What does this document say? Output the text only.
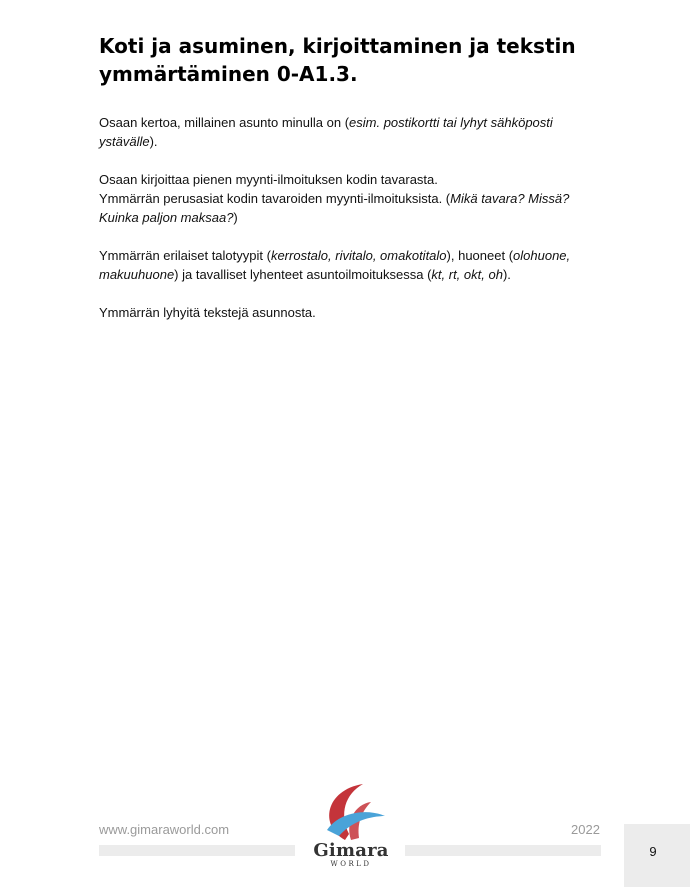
Koti ja asuminen, kirjoittaminen ja tekstin ymmärtäminen 0-A1.3.

Osaan kertoa, millainen asunto minulla on (esim. postikortti tai lyhyt sähköposti
ystävälle).

Osaan kirjoittaa pienen myynti-ilmoituksen kodin tavarasta.
Ymmärrän perusasiat kodin tavaroiden myynti-ilmoituksista. (Mikä tavara? Missä?
Kuinka paljon maksaa?)

Ymmärrän erilaiset talotyypit (kerrostalo, rivitalo, omakotitalo), huoneet (olohuone,
makuuhuone) ja tavalliset lyhenteet asuntoilmoituksessa (kt, rt, okt, oh).

Ymmärrän lyhyitä tekstejä asunnosta.

www.gimaraworld.com	2022
Gimara
WORLD
9
